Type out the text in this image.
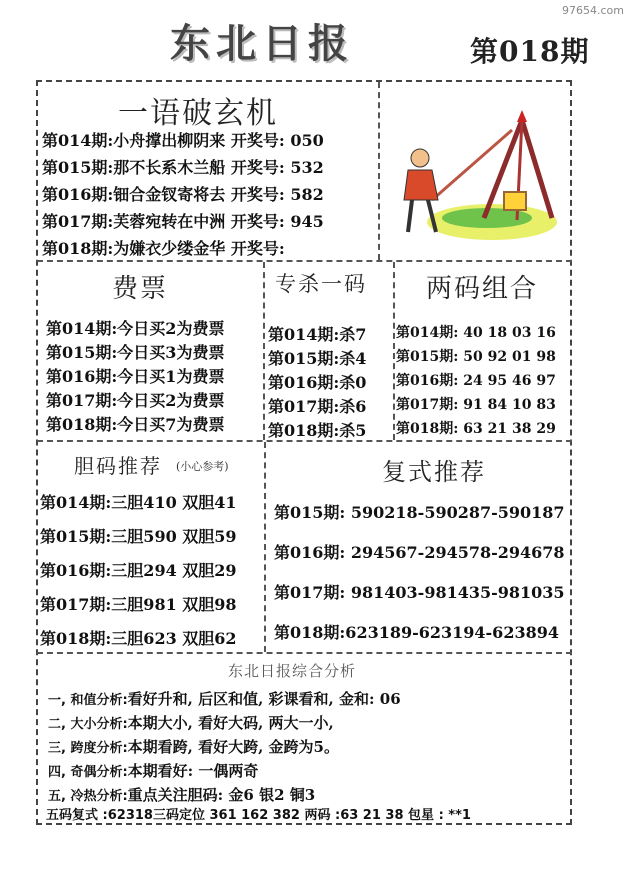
97654.com
东北日报	第018期
一语破玄机
第014期:小舟撑出柳阴来 开奖号: 050
第015期:那不长系木兰船 开奖号: 532
第016期:钿合金钗寄将去 开奖号: 582
第017期:芙蓉宛转在中洲 开奖号: 945
第018期:为嫌衣少缕金华 开奖号:
费票
第014期:今日买2为费票
第015期:今日买3为费票
第016期:今日买1为费票
第017期:今日买2为费票
第018期:今日买7为费票
专杀一码
第014期:杀7
第015期:杀4
第016期:杀0
第017期:杀6
第018期:杀5
两码组合
第014期: 40 18 03 16
第015期: 50 92 01 98
第016期: 24 95 46 97
第017期: 91 84 10 83
第018期: 63 21 38 29
胆码推荐 (小心参考)
第014期:三胆410 双胆41
第015期:三胆590 双胆59
第016期:三胆294 双胆29
第017期:三胆981 双胆98
第018期:三胆623 双胆62
复式推荐
第015期: 590218-590287-590187
第016期: 294567-294578-294678
第017期: 981403-981435-981035
第018期:623189-623194-623894
东北日报综合分析
一, 和值分析:看好升和, 后区和值, 彩课看和, 金和: 06
二, 大小分析:本期大小, 看好大码, 两大一小,
三, 跨度分析:本期看跨, 看好大跨, 金跨为5。
四, 奇偶分析:本期看好: 一偶两奇
五, 冷热分析:重点关注胆码: 金6 银2 铜3
五码复式 :62318三码定位 361 162 382 两码 :63 21 38 包星 : **1
